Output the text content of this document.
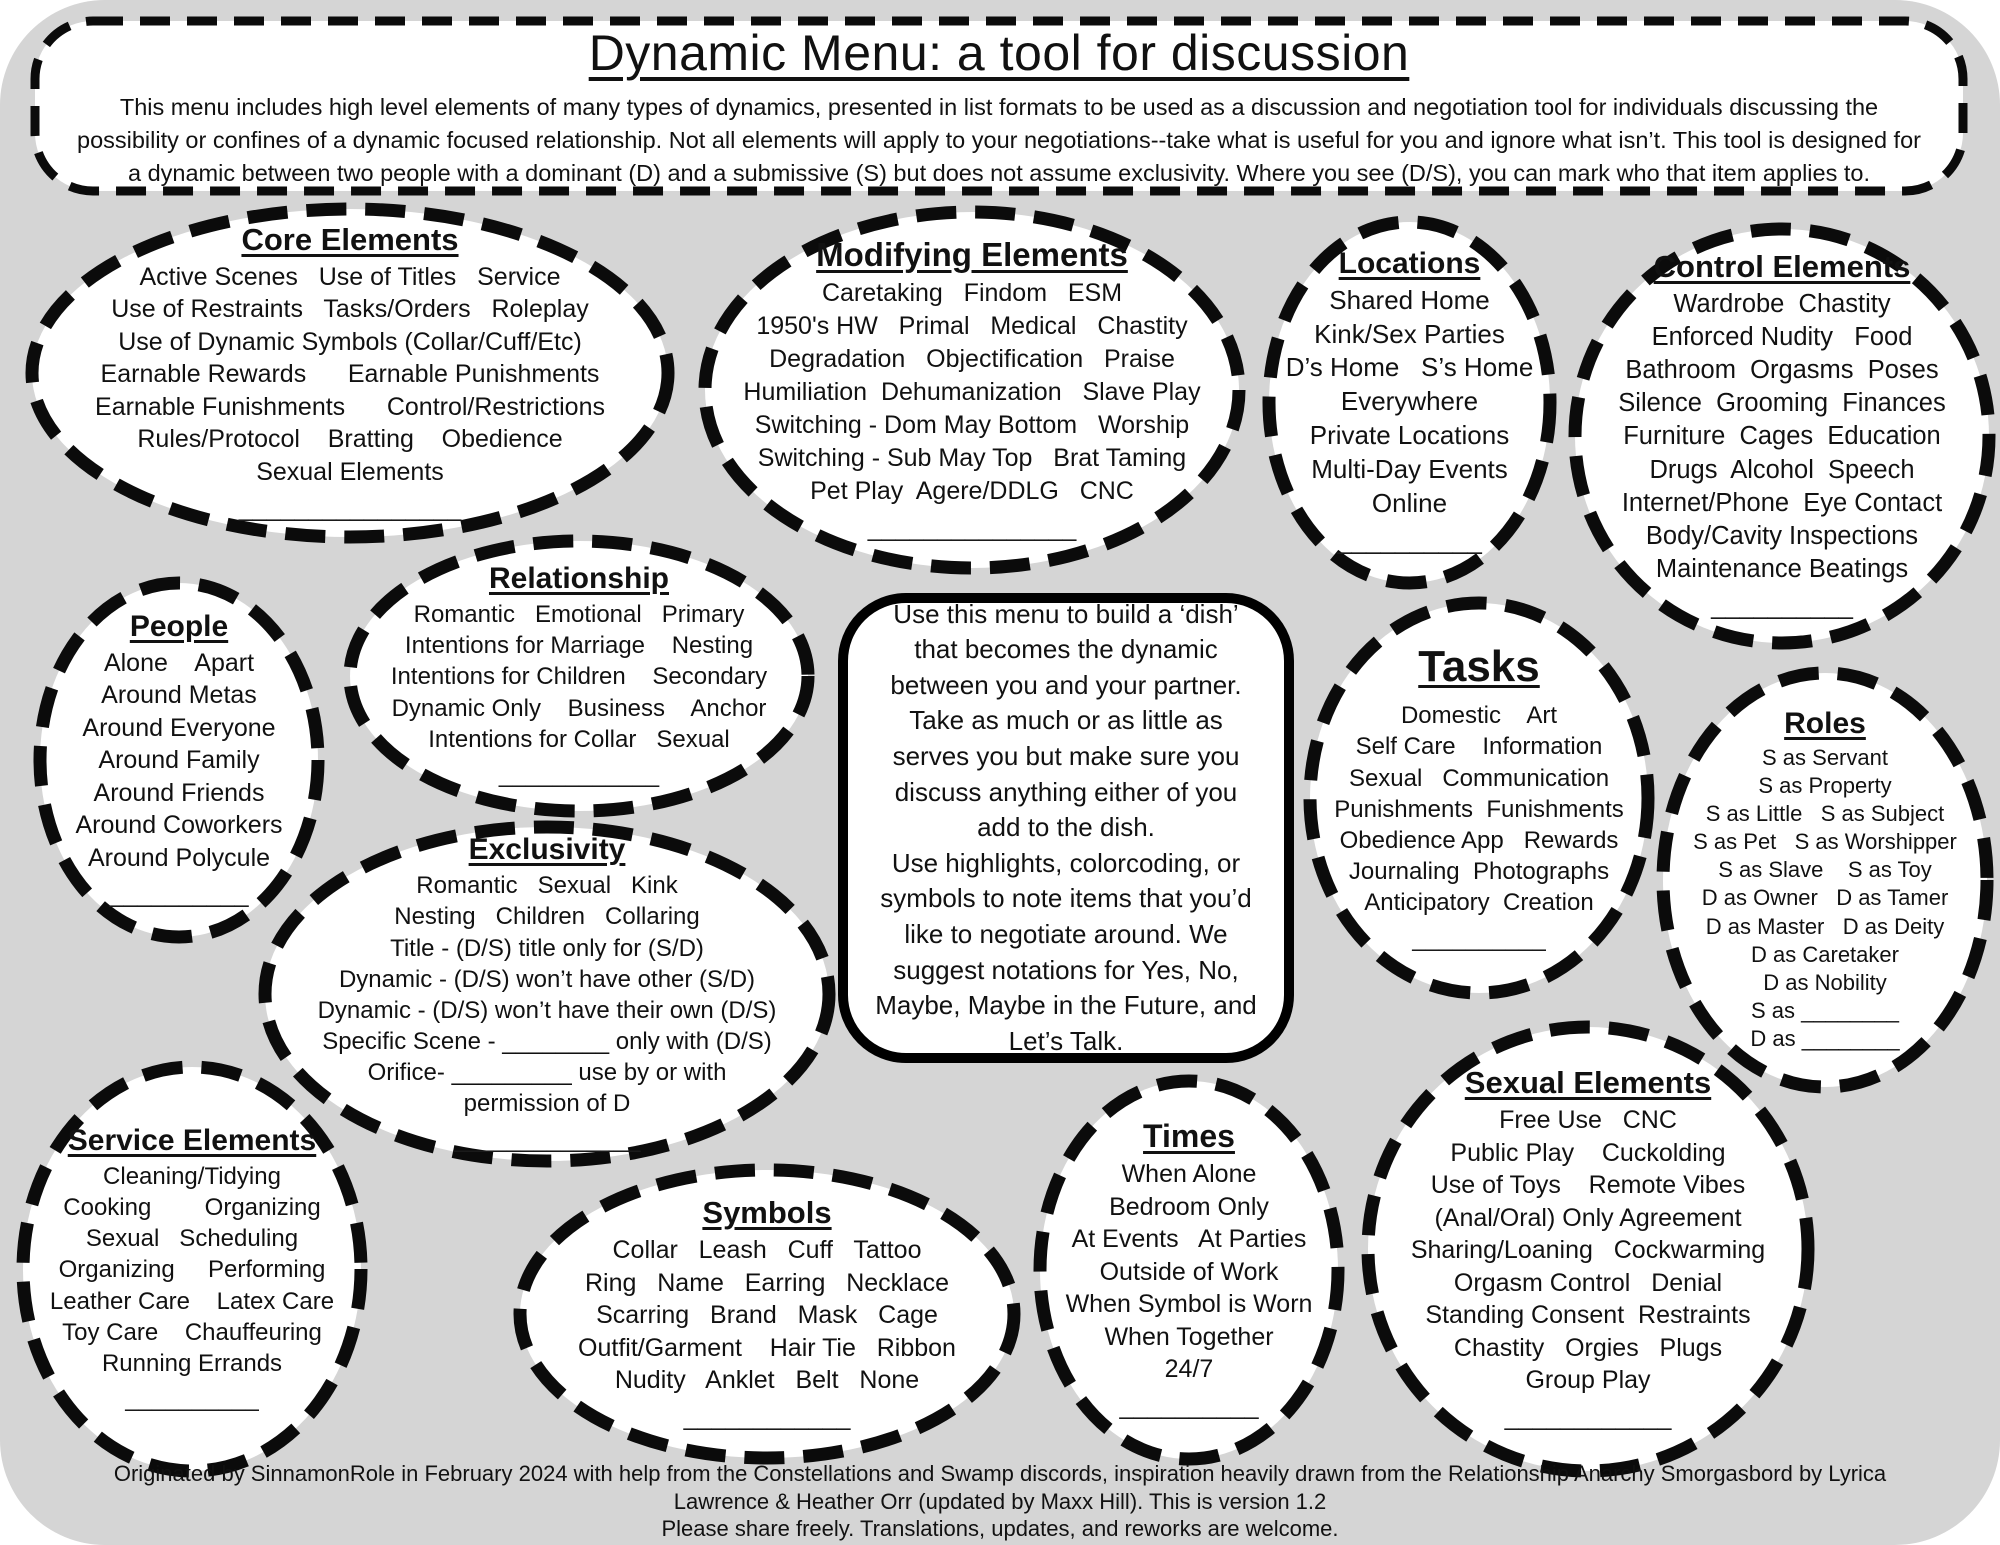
Dynamic Menu: a tool for discussion
This menu includes high level elements of many types of dynamics, presented in list formats to be used as a discussion and negotiation tool for individuals discussing the possibility or confines of a dynamic focused relationship. Not all elements will apply to your negotiations--take what is useful for you and ignore what isn’t. This tool is designed for a dynamic between two people with a dominant (D) and a submissive (S) but does not assume exclusivity. Where you see (D/S), you can mark who that item applies to.
Core Elements
Active Scenes   Use of Titles   Service
Use of Restraints   Tasks/Orders   Roleplay
Use of Dynamic Symbols (Collar/Cuff/Etc)
Earnable Rewards      Earnable Punishments
Earnable Funishments      Control/Restrictions
Rules/Protocol    Bratting    Obedience
Sexual Elements
________________
Modifying Elements
Caretaking   Findom   ESM
1950's HW   Primal   Medical   Chastity
Degradation   Objectification   Praise
Humiliation  Dehumanization   Slave Play
Switching - Dom May Bottom   Worship
Switching - Sub May Top   Brat Taming
Pet Play  Agere/DDLG   CNC
_______________
Locations
Shared Home
Kink/Sex Parties
D’s Home   S’s Home
Everywhere
Private Locations
Multi-Day Events
Online
__________
Control Elements
Wardrobe  Chastity
Enforced Nudity   Food
Bathroom  Orgasms  Poses
Silence  Grooming  Finances
Furniture  Cages  Education
Drugs  Alcohol  Speech
Internet/Phone  Eye Contact
Body/Cavity Inspections
Maintenance Beatings
__________
People
Alone    Apart
Around Metas
Around Everyone
Around Family
Around Friends
Around Coworkers
Around Polycule
__________
Relationship
Romantic   Emotional   Primary
Intentions for Marriage    Nesting
Intentions for Children    Secondary
Dynamic Only    Business    Anchor
Intentions for Collar   Sexual
____________
Tasks
Domestic    Art
Self Care    Information
Sexual   Communication
Punishments  Funishments
Obedience App   Rewards
Journaling  Photographs
Anticipatory  Creation
__________
Roles
S as Servant
S as Property
S as Little   S as Subject
S as Pet   S as Worshipper
S as Slave    S as Toy
D as Owner   D as Tamer
D as Master   D as Deity
D as Caretaker
D as Nobility
S as ________
D as ________
Exclusivity
Romantic   Sexual   Kink
Nesting   Children   Collaring
Title - (D/S) title only for (S/D)
Dynamic - (D/S) won’t have other (S/D)
Dynamic - (D/S) won’t have their own (D/S)
Specific Scene - ________ only with (D/S)
Orifice- _________ use by or with
permission of D
______________
Service Elements
Cleaning/Tidying
Cooking        Organizing
Sexual   Scheduling
Organizing     Performing
Leather Care    Latex Care
Toy Care    Chauffeuring
Running Errands
__________
Symbols
Collar   Leash   Cuff   Tattoo
Ring   Name   Earring   Necklace
Scarring   Brand   Mask   Cage
Outfit/Garment    Hair Tie   Ribbon
Nudity   Anklet   Belt   None
____________
Times
When Alone
Bedroom Only
At Events   At Parties
Outside of Work
When Symbol is Worn
When Together
24/7
__________
Sexual Elements
Free Use   CNC
Public Play    Cuckolding
Use of Toys    Remote Vibes
(Anal/Oral) Only Agreement
Sharing/Loaning   Cockwarming
Orgasm Control   Denial
Standing Consent  Restraints
Chastity   Orgies   Plugs
Group Play
____________
Use this menu to build a ‘dish’ that becomes the dynamic between you and your partner. Take as much or as little as serves you but make sure you discuss anything either of you add to the dish.
Use highlights, colorcoding, or symbols to note items that you’d like to negotiate around. We suggest notations for Yes, No, Maybe, Maybe in the Future, and Let’s Talk.
Originated by SinnamonRole in February 2024 with help from the Constellations and Swamp discords, inspiration heavily drawn from the Relationship Anarchy Smorgasbord by Lyrica
Lawrence & Heather Orr (updated by Maxx Hill). This is version 1.2
Please share freely. Translations, updates, and reworks are welcome.
